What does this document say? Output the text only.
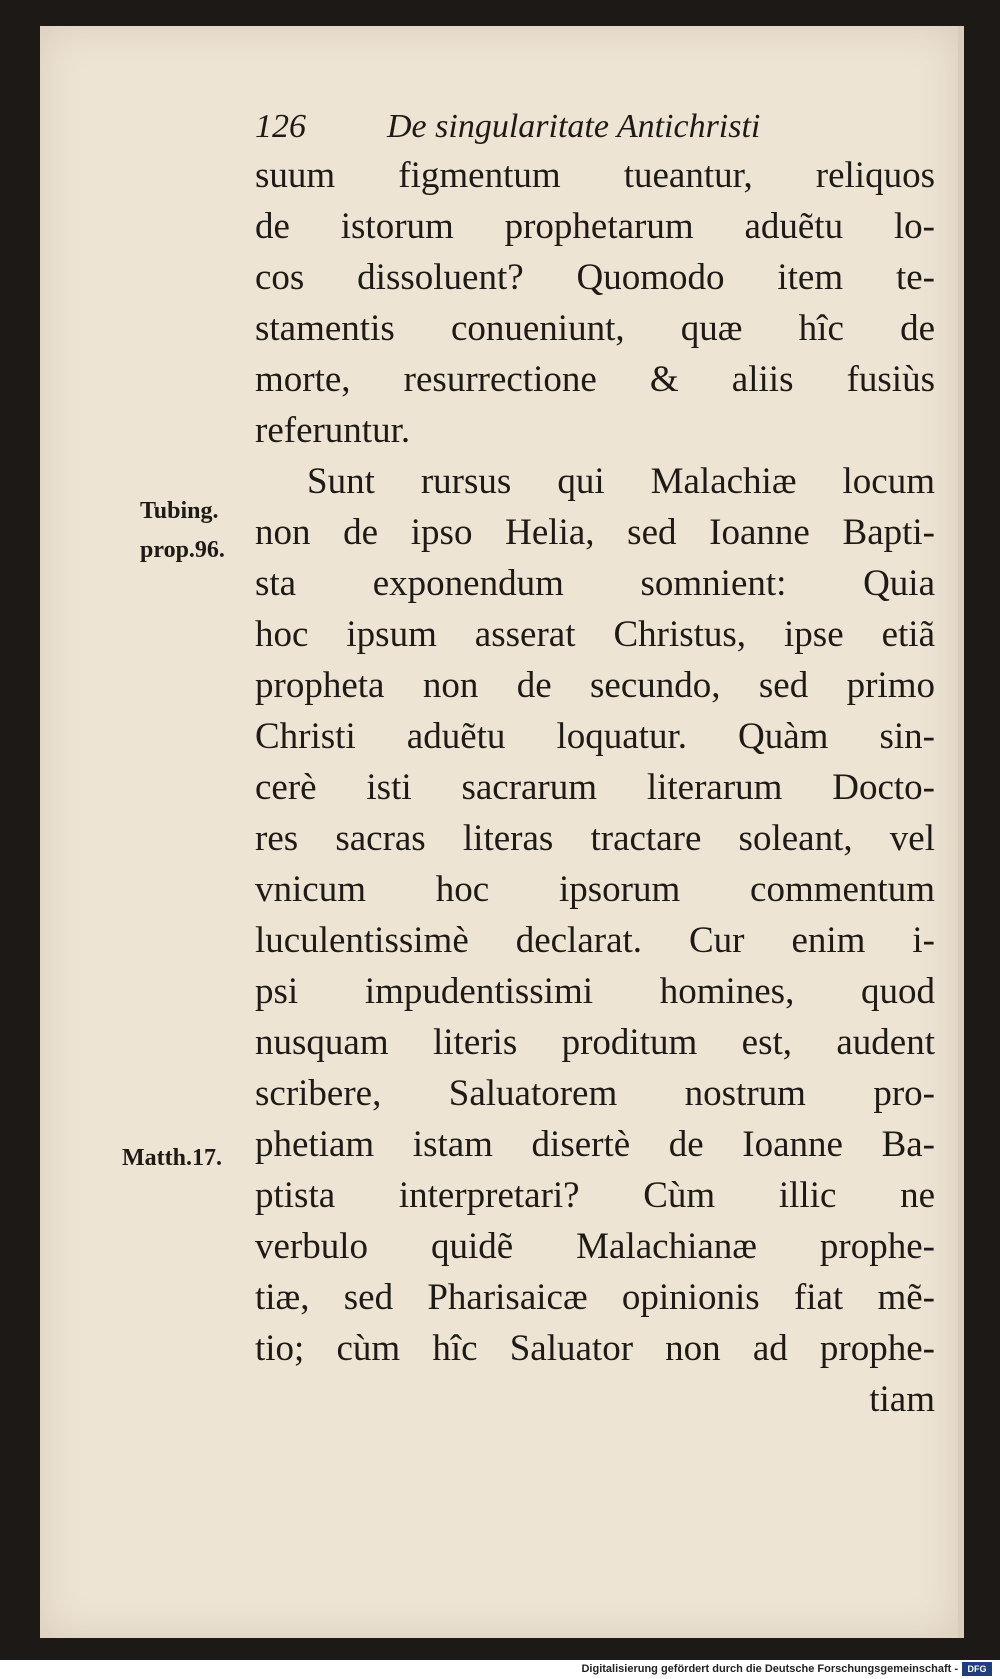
126 De singularitate Antichristi
Tubing.
prop.96.
Matth.17.
suum figmentum tueantur, reliquos
de istorum prophetarum aduẽtu lo-
cos dissoluent? Quomodo item te-
stamentis conueniunt, quæ hîc de
morte, resurrectione & aliis fusiùs
referuntur.
Sunt rursus qui Malachiæ locum
non de ipso Helia, sed Ioanne Bapti-
sta exponendum somnient: Quia
hoc ipsum asserat Christus, ipse etiã
propheta non de secundo, sed primo
Christi aduẽtu loquatur. Quàm sin-
cerè isti sacrarum literarum Docto-
res sacras literas tractare soleant, vel
vnicum hoc ipsorum commentum
luculentissimè declarat. Cur enim i-
psi impudentissimi homines, quod
nusquam literis proditum est, audent
scribere, Saluatorem nostrum pro-
phetiam istam disertè de Ioanne Ba-
ptista interpretari? Cùm illic ne
verbulo quidẽ Malachianæ prophe-
tiæ, sed Pharisaicæ opinionis fiat mẽ-
tio; cùm hîc Saluator non ad prophe-
tiam
Digitalisierung gefördert durch die Deutsche Forschungsgemeinschaft -	DFG
